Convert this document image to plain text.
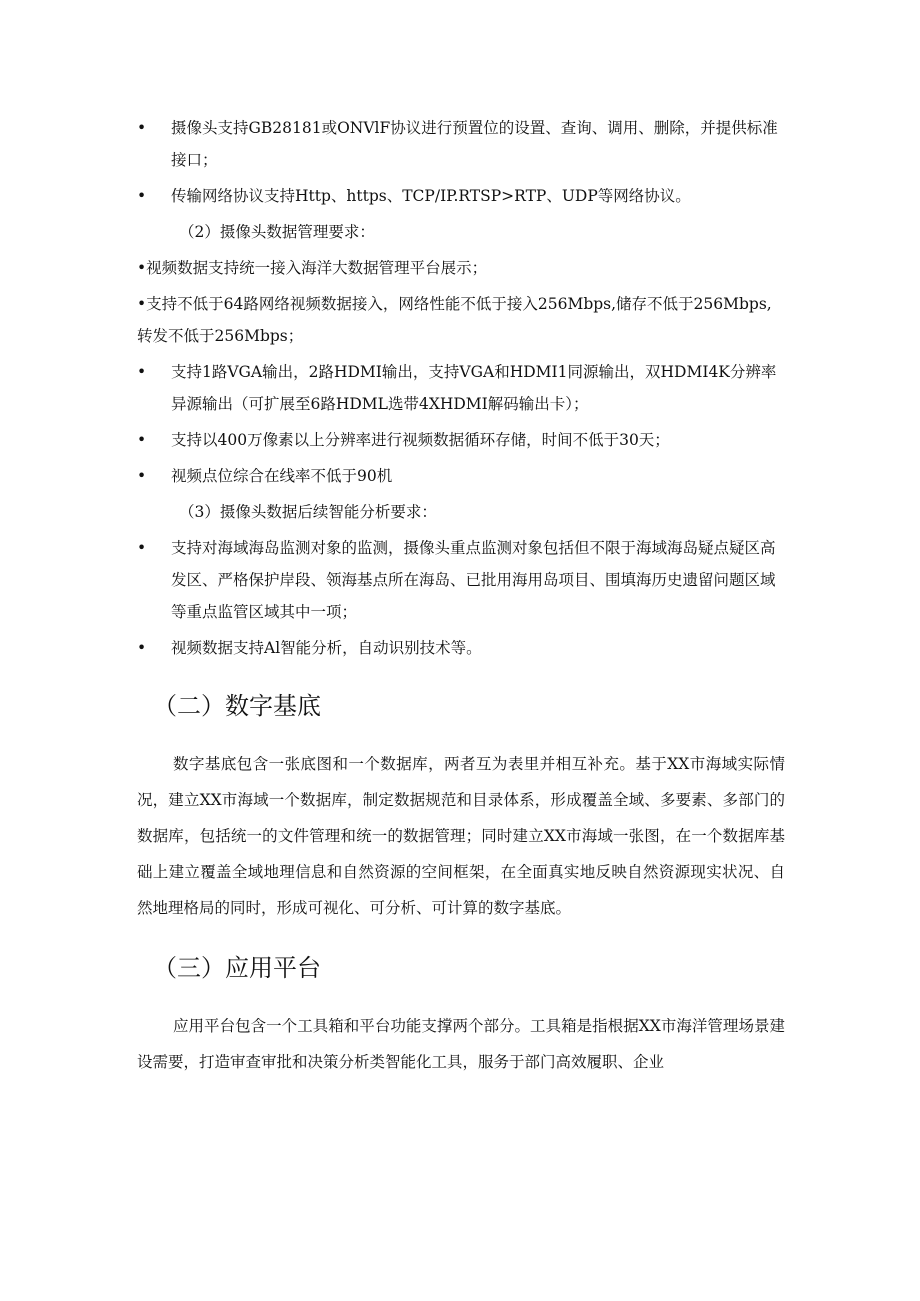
•	摄像头支持GB28181或ONVlF协议进行预置位的设置、查询、调用、删除，并提供标准接口；
•	传输网络协议支持Http、https、TCP/IP.RTSP>RTP、UDP等网络协议。
（2）摄像头数据管理要求：
•视频数据支持统一接入海洋大数据管理平台展示；
•支持不低于64路网络视频数据接入，网络性能不低于接入256Mbps,储存不低于256Mbps,转发不低于256Mbps；
•	支持1路VGA输出，2路HDMI输出，支持VGA和HDMI1同源输出，双HDMI4K分辨率异源输出（可扩展至6路HDML选带4XHDMI解码输出卡）；
•	支持以400万像素以上分辨率进行视频数据循环存储，时间不低于30天；
•	视频点位综合在线率不低于90机
（3）摄像头数据后续智能分析要求：
•	支持对海域海岛监测对象的监测，摄像头重点监测对象包括但不限于海域海岛疑点疑区高发区、严格保护岸段、领海基点所在海岛、已批用海用岛项目、围填海历史遗留问题区域等重点监管区域其中一项；
•	视频数据支持Al智能分析，自动识别技术等。
（二）数字基底

数字基底包含一张底图和一个数据库，两者互为表里并相互补充。基于XX市海域实际情况，建立XX市海域一个数据库，制定数据规范和目录体系，形成覆盖全域、多要素、多部门的数据库，包括统一的文件管理和统一的数据管理；同时建立XX市海域一张图，在一个数据库基础上建立覆盖全域地理信息和自然资源的空间框架，在全面真实地反映自然资源现实状况、自然地理格局的同时，形成可视化、可分析、可计算的数字基底。

（三）应用平台

应用平台包含一个工具箱和平台功能支撑两个部分。工具箱是指根据XX市海洋管理场景建设需要，打造审查审批和决策分析类智能化工具，服务于部门高效履职、企业
